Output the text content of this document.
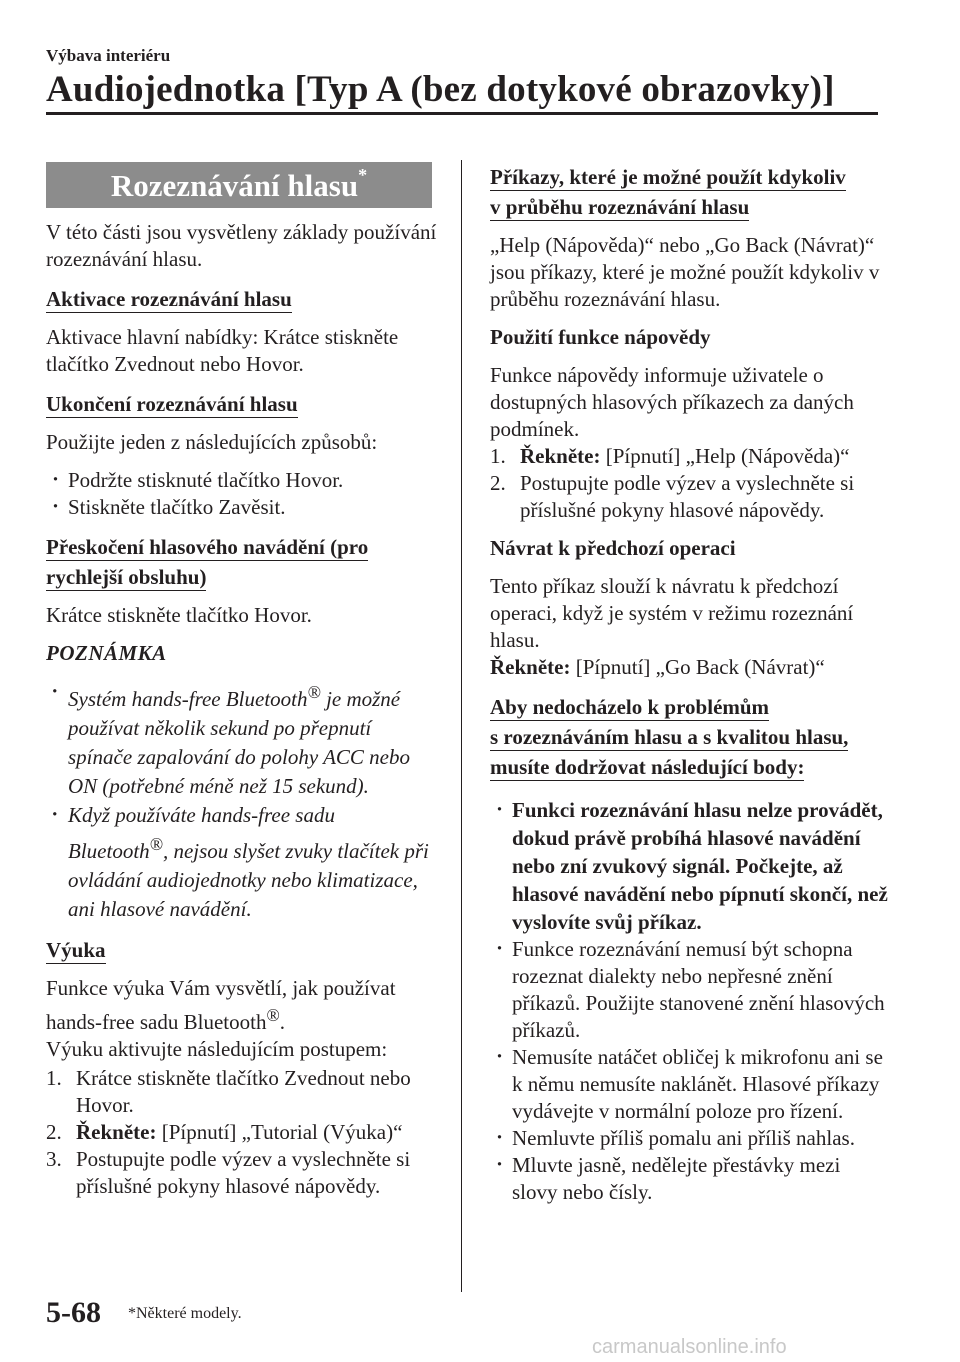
Výbava interiéru
Audiojednotka [Typ A (bez dotykové obrazovky)]
Rozeznávání hlasu*

V této části jsou vysvětleny základy používání rozeznávání hlasu.

Aktivace rozeznávání hlasu

Aktivace hlavní nabídky: Krátce stiskněte tlačítko Zvednout nebo Hovor.

Ukončení rozeznávání hlasu

Použijte jeden z následujících způsobů:

· Podržte stisknuté tlačítko Hovor.
· Stiskněte tlačítko Zavěsit.
Přeskočení hlasového navádění (pro
rychlejší obsluhu)

Krátce stiskněte tlačítko Hovor.

POZNÁMKA
· Systém hands-free Bluetooth® je možné používat několik sekund po přepnutí spínače zapalování do polohy ACC nebo ON (potřebné méně než 15 sekund).
· Když používáte hands-free sadu Bluetooth®, nejsou slyšet zvuky tlačítek při ovládání audiojednotky nebo klimatizace, ani hlasové navádění.
Výuka

Funkce výuka Vám vysvětlí, jak používat hands-free sadu Bluetooth®.

Výuku aktivujte následujícím postupem:

1. Krátce stiskněte tlačítko Zvednout nebo Hovor.
2. Řekněte: [Pípnutí] „Tutorial (Výuka)“
3. Postupujte podle výzev a vyslechněte si příslušné pokyny hlasové nápovědy.
Příkazy, které je možné použít kdykoliv
v průběhu rozeznávání hlasu

„Help (Nápověda)“ nebo „Go Back (Návrat)“ jsou příkazy, které je možné použít kdykoliv v průběhu rozeznávání hlasu.

Použití funkce nápovědy

Funkce nápovědy informuje uživatele o dostupných hlasových příkazech za daných podmínek.

1. Řekněte: [Pípnutí] „Help (Nápověda)“
2. Postupujte podle výzev a vyslechněte si příslušné pokyny hlasové nápovědy.
Návrat k předchozí operaci

Tento příkaz slouží k návratu k předchozí operaci, když je systém v režimu rozeznání hlasu.

Řekněte: [Pípnutí] „Go Back (Návrat)“

Aby nedocházelo k problémům
s rozeznáváním hlasu a s kvalitou hlasu,
musíte dodržovat následující body:
· Funkci rozeznávání hlasu nelze provádět, dokud právě probíhá hlasové navádění nebo zní zvukový signál. Počkejte, až hlasové navádění nebo pípnutí skončí, než vyslovíte svůj příkaz.
· Funkce rozeznávání nemusí být schopna rozeznat dialekty nebo nepřesné znění příkazů. Použijte stanovené znění hlasových příkazů.
· Nemusíte natáčet obličej k mikrofonu ani se k němu nemusíte naklánět. Hlasové příkazy vydávejte v normální poloze pro řízení.
· Nemluvte příliš pomalu ani příliš nahlas.
· Mluvte jasně, nedělejte přestávky mezi slovy nebo čísly.
5-68 *Některé modely.
carmanualsonline.info
